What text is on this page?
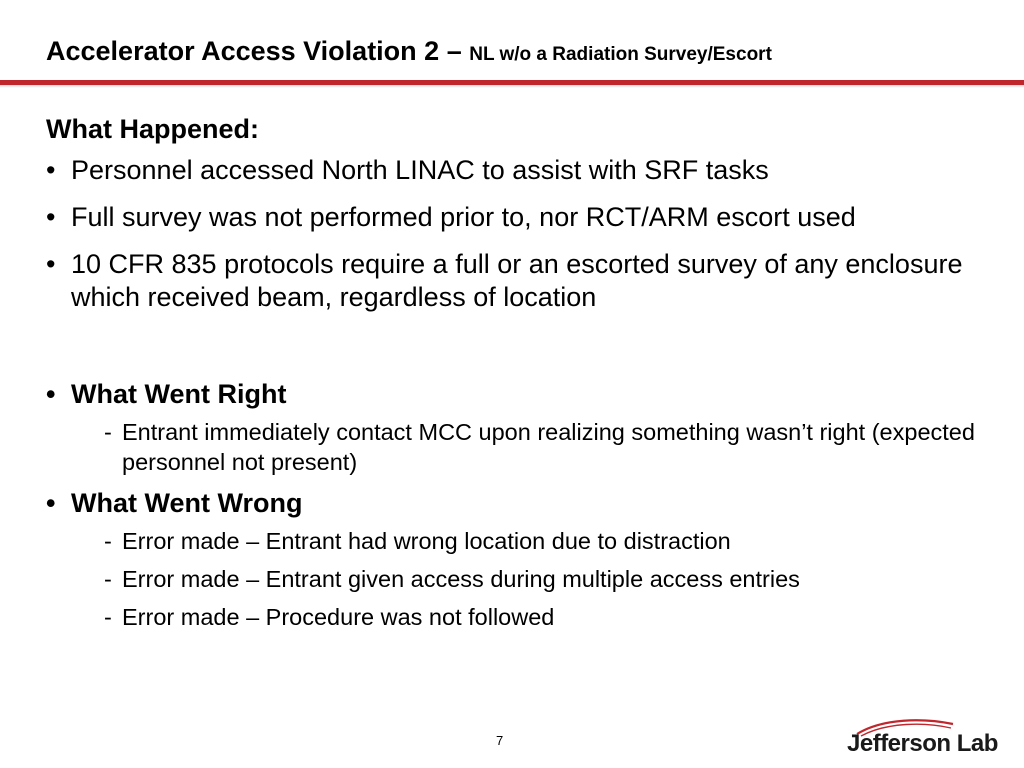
Accelerator Access Violation 2 – NL w/o a Radiation Survey/Escort
What Happened:
• Personnel accessed North LINAC to assist with SRF tasks
• Full survey was not performed prior to, nor RCT/ARM escort used
• 10 CFR 835 protocols require a full or an escorted survey of any enclosure which received beam, regardless of location
• What Went Right
- Entrant immediately contact MCC upon realizing something wasn’t right (expected personnel not present)
• What Went Wrong
- Error made – Entrant had wrong location due to distraction
- Error made – Entrant given access during multiple access entries
- Error made – Procedure was not followed
7	Jefferson Lab
